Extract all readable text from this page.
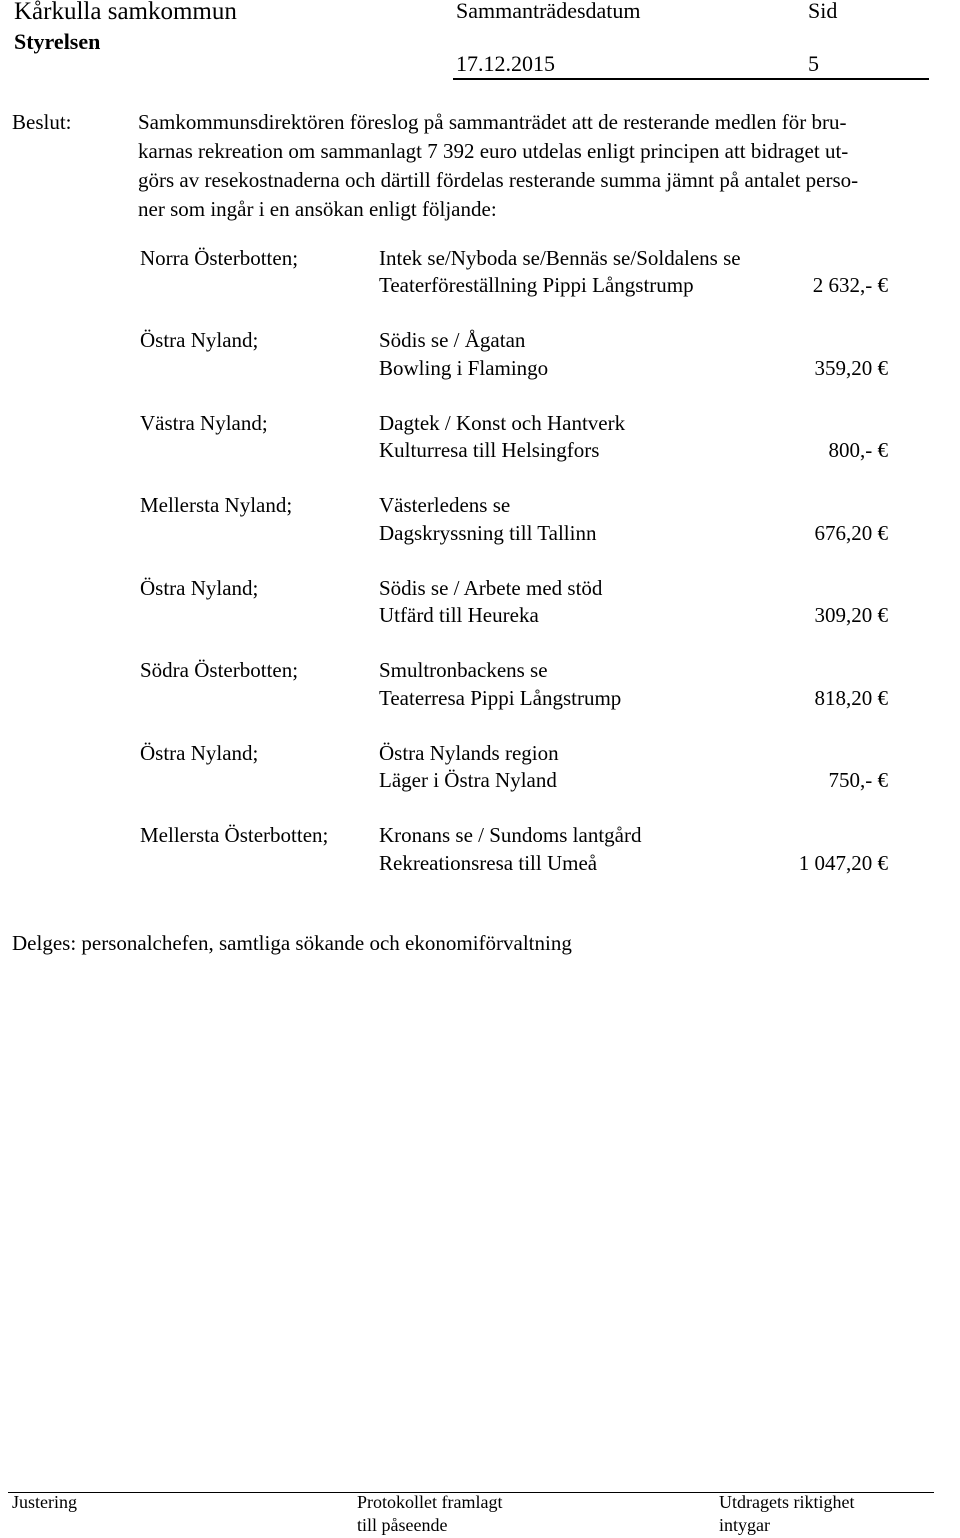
Kårkulla samkommun
Styrelsen
Sammanträdesdatum
17.12.2015
Sid
5
Beslut:	Samkommunsdirektören föreslog på sammanträdet att de resterande medlen för bru-
karnas rekreation om sammanlagt 7 392 euro utdelas enligt principen att bidraget ut-
görs av resekostnaderna och därtill fördelas resterande summa jämnt på antalet perso-
ner som ingår i en ansökan enligt följande:
Norra Österbotten;	Intek se/Nyboda se/Bennäs se/Soldalens se
Teaterföreställning Pippi Långstrump	2 632,- €
Östra Nyland;	Södis se / Ågatan
Bowling i Flamingo	359,20 €
Västra Nyland;	Dagtek / Konst och Hantverk
Kulturresa till Helsingfors	800,- €
Mellersta Nyland;	Västerledens se
Dagskryssning till Tallinn	676,20 €
Östra Nyland;	Södis se / Arbete med stöd
Utfärd till Heureka	309,20 €
Södra Österbotten;	Smultronbackens se
Teaterresa Pippi Långstrump	818,20 €
Östra Nyland;	Östra Nylands region
Läger i Östra Nyland	750,- €
Mellersta Österbotten; Kronans se / Sundoms lantgård
Rekreationsresa till Umeå	1 047,20 €
Delges: personalchefen, samtliga sökande och ekonomiförvaltning
Justering	Protokollet framlagt
till påseende
Utdragets riktighet
intygar
